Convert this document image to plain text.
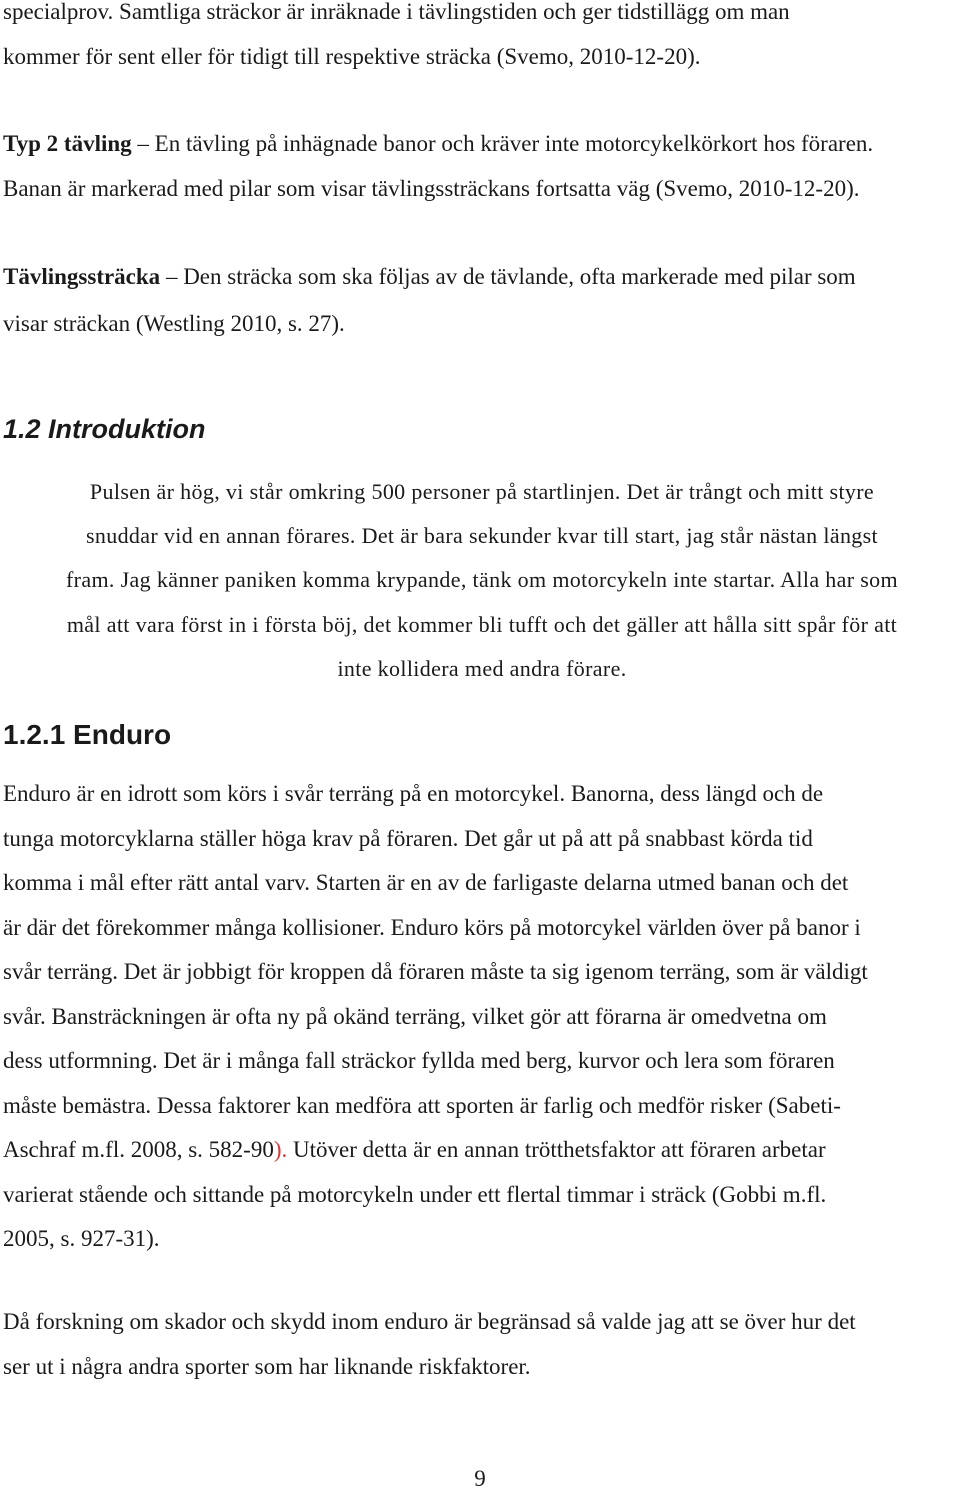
specialprov. Samtliga sträckor är inräknade i tävlingstiden och ger tidstillägg om man

kommer för sent eller för tidigt till respektive sträcka (Svemo, 2010-12-20).

Typ 2 tävling – En tävling på inhägnade banor och kräver inte motorcykelkörkort hos föraren.

Banan är markerad med pilar som visar tävlingssträckans fortsatta väg (Svemo, 2010-12-20).

Tävlingssträcka – Den sträcka som ska följas av de tävlande, ofta markerade med pilar som

visar sträckan (Westling 2010, s. 27).

1.2 Introduktion

Pulsen är hög, vi står omkring 500 personer på startlinjen. Det är trångt och mitt styre

snuddar vid en annan förares. Det är bara sekunder kvar till start, jag står nästan längst

fram. Jag känner paniken komma krypande, tänk om motorcykeln inte startar. Alla har som

mål att vara först in i första böj, det kommer bli tufft och det gäller att hålla sitt spår för att

inte kollidera med andra förare.

1.2.1 Enduro

Enduro är en idrott som körs i svår terräng på en motorcykel. Banorna, dess längd och de

tunga motorcyklarna ställer höga krav på föraren. Det går ut på att på snabbast körda tid

komma i mål efter rätt antal varv. Starten är en av de farligaste delarna utmed banan och det

är där det förekommer många kollisioner. Enduro körs på motorcykel världen över på banor i

svår terräng. Det är jobbigt för kroppen då föraren måste ta sig igenom terräng, som är väldigt

svår. Bansträckningen är ofta ny på okänd terräng, vilket gör att förarna är omedvetna om

dess utformning. Det är i många fall sträckor fyllda med berg, kurvor och lera som föraren

måste bemästra. Dessa faktorer kan medföra att sporten är farlig och medför risker (Sabeti-

Aschraf m.fl. 2008, s. 582-90). Utöver detta är en annan trötthetsfaktor att föraren arbetar

varierat stående och sittande på motorcykeln under ett flertal timmar i sträck (Gobbi m.fl.

2005, s. 927-31).

Då forskning om skador och skydd inom enduro är begränsad så valde jag att se över hur det

ser ut i några andra sporter som har liknande riskfaktorer.

9
